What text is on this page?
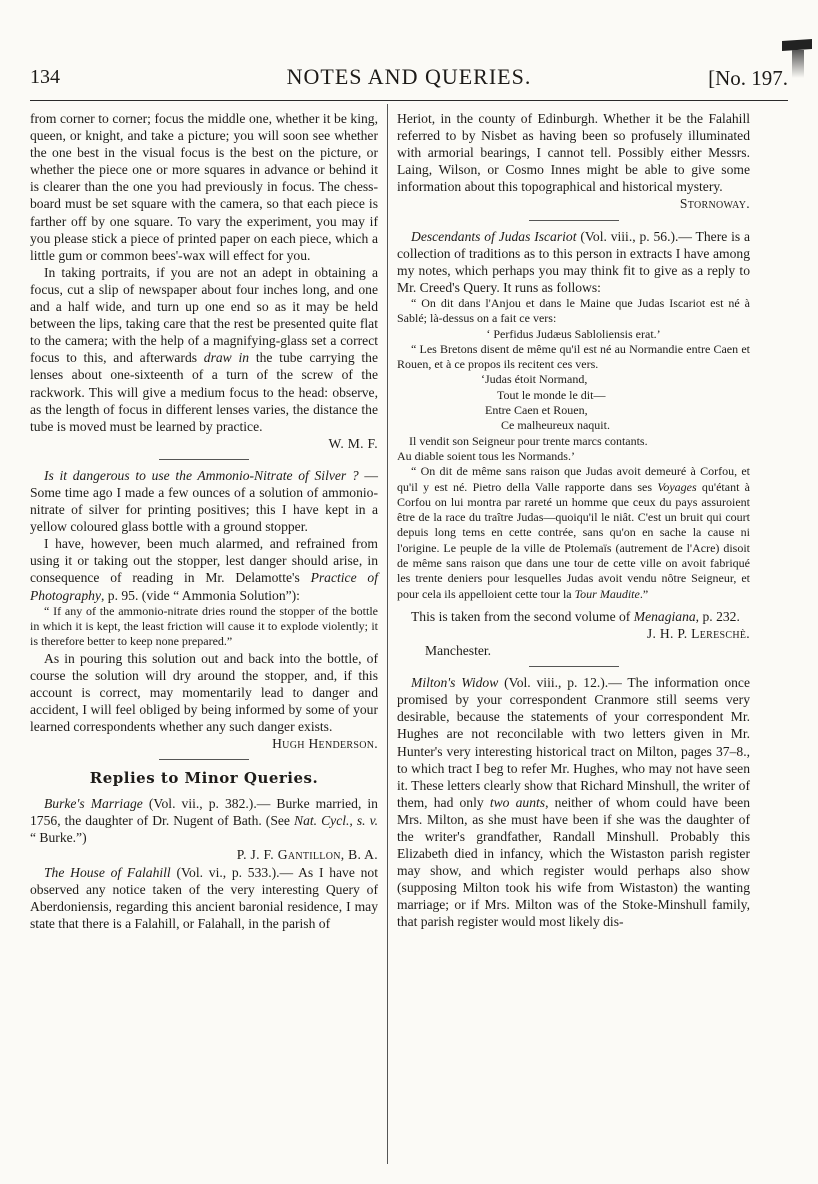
134	NOTES AND QUERIES.	[No. 197.

from corner to corner; focus the middle one, whether it be king, queen, or knight, and take a picture; you will soon see whether the one best in the visual focus is the best on the picture, or whether the piece one or more squares in advance or behind it is clearer than the one you had previously in focus. The chess-board must be set square with the camera, so that each piece is farther off by one square. To vary the experiment, you may if you please stick a piece of printed paper on each piece, which a little gum or common bees'-wax will effect for you.

In taking portraits, if you are not an adept in obtaining a focus, cut a slip of newspaper about four inches long, and one and a half wide, and turn up one end so as it may be held between the lips, taking care that the rest be presented quite flat to the camera; with the help of a magnifying-glass set a correct focus to this, and afterwards draw in the tube carrying the lenses about one-sixteenth of a turn of the screw of the rackwork. This will give a medium focus to the head: observe, as the length of focus in different lenses varies, the distance the tube is moved must be learned by practice.

W. M. F.

Is it dangerous to use the Ammonio-Nitrate of Silver ? — Some time ago I made a few ounces of a solution of ammonio-nitrate of silver for printing positives; this I have kept in a yellow coloured glass bottle with a ground stopper.

I have, however, been much alarmed, and refrained from using it or taking out the stopper, lest danger should arise, in consequence of reading in Mr. Delamotte's Practice of Photography, p. 95. (vide “ Ammonia Solution”):

“ If any of the ammonio-nitrate dries round the stopper of the bottle in which it is kept, the least friction will cause it to explode violently; it is therefore better to keep none prepared.”

As in pouring this solution out and back into the bottle, of course the solution will dry around the stopper, and, if this account is correct, may momentarily lead to danger and accident, I will feel obliged by being informed by some of your learned correspondents whether any such danger exists.

Hugh Henderson.

Replies to Minor Queries.

Burke's Marriage (Vol. vii., p. 382.).— Burke married, in 1756, the daughter of Dr. Nugent of Bath. (See Nat. Cycl., s. v. “ Burke.”)

P. J. F. Gantillon, B. A.

The House of Falahill (Vol. vi., p. 533.).— As I have not observed any notice taken of the very interesting Query of Aberdoniensis, regarding this ancient baronial residence, I may state that there is a Falahill, or Falahall, in the parish of

Heriot, in the county of Edinburgh. Whether it be the Falahill referred to by Nisbet as having been so profusely illuminated with armorial bearings, I cannot tell. Possibly either Messrs. Laing, Wilson, or Cosmo Innes might be able to give some information about this topographical and historical mystery.

Stornoway.

Descendants of Judas Iscariot (Vol. viii., p. 56.).— There is a collection of traditions as to this person in extracts I have among my notes, which perhaps you may think fit to give as a reply to Mr. Creed's Query. It runs as follows:

“ On dit dans l'Anjou et dans le Maine que Judas Iscariot est né à Sablé; là-dessus on a fait ce vers:

‘ Perfidus Judæus Sabloliensis erat.’

“ Les Bretons disent de même qu'il est né au Normandie entre Caen et Rouen, et à ce propos ils recitent ces vers.

‘Judas étoit Normand,
Tout le monde le dit—
Entre Caen et Rouen,
Ce malheureux naquit.
Il vendit son Seigneur pour trente marcs contants.
Au diable soient tous les Normands.’

“ On dit de même sans raison que Judas avoit demeuré à Corfou, et qu'il y est né. Pietro della Valle rapporte dans ses Voyages qu'étant à Corfou on lui montra par rareté un homme que ceux du pays assuroient être de la race du traître Judas—quoiqu'il le niât. C'est un bruit qui court depuis long tems en cette contrée, sans qu'on en sache la cause ni l'origine. Le peuple de la ville de Ptolemaïs (autrement de l'Acre) disoit de même sans raison que dans une tour de cette ville on avoit fabriqué les trente deniers pour lesquelles Judas avoit vendu nôtre Seigneur, et pour cela ils appelloient cette tour la Tour Maudite.”

This is taken from the second volume of Menagiana, p. 232.

J. H. P. Lereschè.

Manchester.

Milton's Widow (Vol. viii., p. 12.).— The information once promised by your correspondent Cranmore still seems very desirable, because the statements of your correspondent Mr. Hughes are not reconcilable with two letters given in Mr. Hunter's very interesting historical tract on Milton, pages 37–8., to which tract I beg to refer Mr. Hughes, who may not have seen it. These letters clearly show that Richard Minshull, the writer of them, had only two aunts, neither of whom could have been Mrs. Milton, as she must have been if she was the daughter of the writer's grandfather, Randall Minshull. Probably this Elizabeth died in infancy, which the Wistaston parish register may show, and which register would perhaps also show (supposing Milton took his wife from Wistaston) the wanting marriage; or if Mrs. Milton was of the Stoke-Minshull family, that parish register would most likely dis-
